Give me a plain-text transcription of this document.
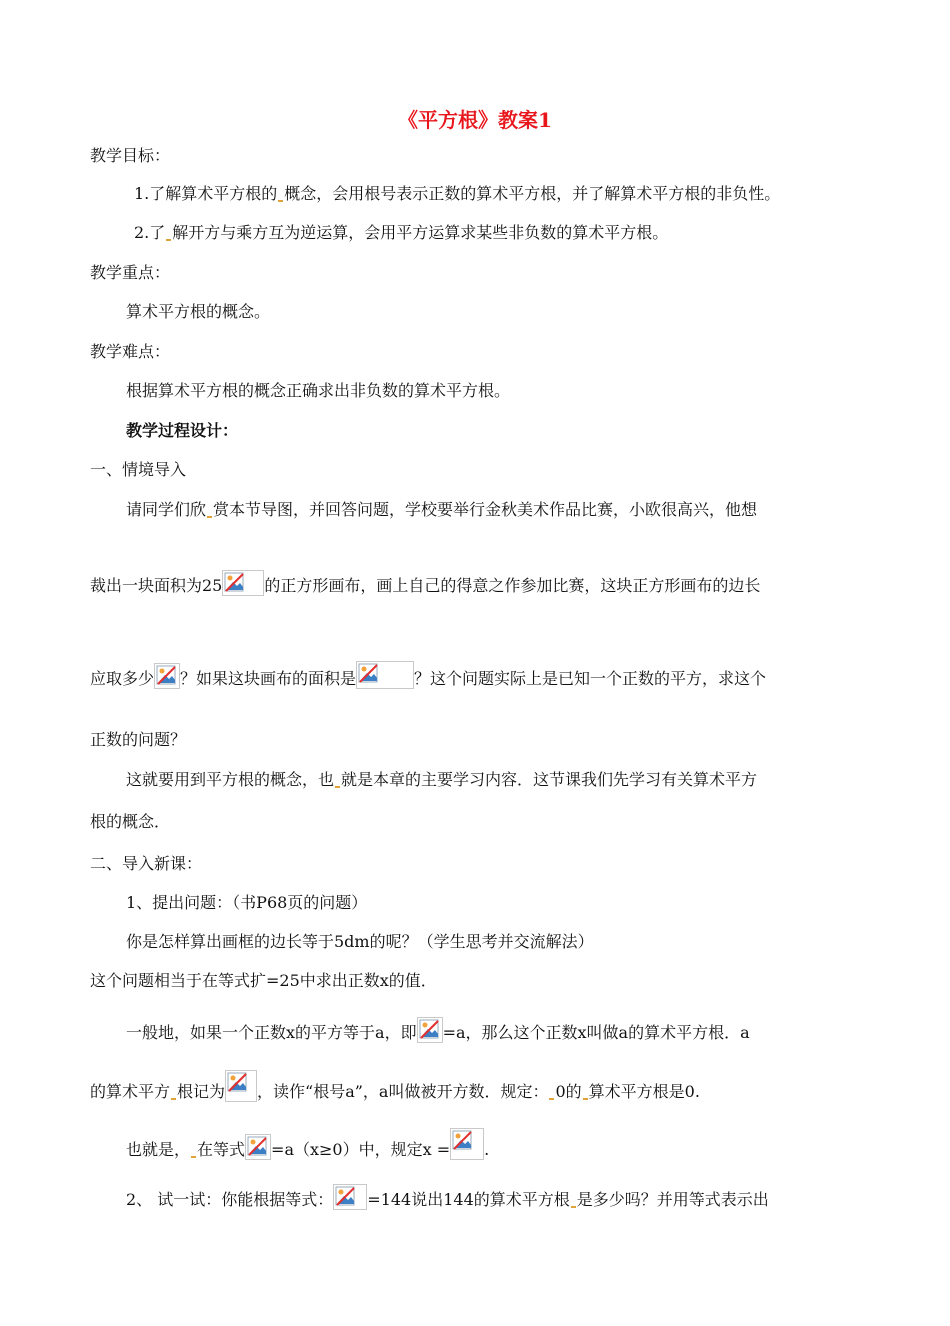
《平方根》教案1
教学目标：
1.了解算术平方根的 概念，会用根号表示正数的算术平方根，并了解算术平方根的非负性。
2.了 解开方与乘方互为逆运算，会用平方运算求某些非负数的算术平方根。
教学重点：
算术平方根的概念。
教学难点：
根据算术平方根的概念正确求出非负数的算术平方根。
教学过程设计：
一、情境导入
请同学们欣 赏本节导图，并回答问题，学校要举行金秋美术作品比赛，小欧很高兴，他想
裁出一块面积为25	的正方形画布，画上自己的得意之作参加比赛，这块正方形画布的边长
应取多少 ？如果这块画布的面积是	？这个问题实际上是已知一个正数的平方，求这个
正数的问题？
这就要用到平方根的概念，也 就是本章的主要学习内容．这节课我们先学习有关算术平方
根的概念．
二、导入新课：
1、提出问题：（书P68页的问题）
你是怎样算出画框的边长等于5dm的呢？（学生思考并交流解法）
这个问题相当于在等式扩=25中求出正数x的值．
一般地，如果一个正数x的平方等于a，即 =a，那么这个正数x叫做a的算术平方根．a
的算术平方 根记为 ，读作“根号a”，a叫做被开方数．规定： 0的 算术平方根是0.
也就是， 在等式 =a（x≥0）中，规定x = .
2、 试一试：你能根据等式： =144说出144的算术平方根 是多少吗？并用等式表示出
